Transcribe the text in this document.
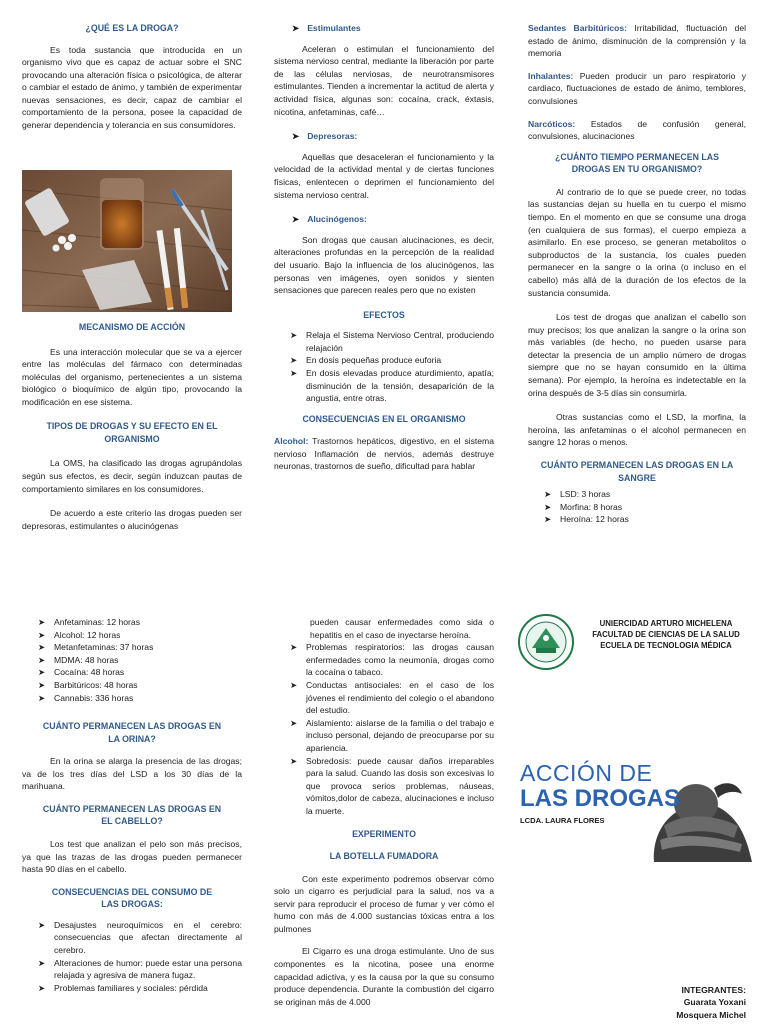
¿QUÉ ES LA DROGA?

Es toda sustancia que introducida en un organismo vivo que es capaz de actuar sobre el SNC provocando una alteración física o psicológica, de alterar o cambiar el estado de ánimo, y también de experimentar nuevas sensaciones, es decir, capaz de cambiar el comportamiento de la persona, posee la capacidad de generar dependencia y tolerancia en sus consumidores.

MECANISMO DE ACCIÓN

Es una interacción molecular que se va a ejercer entre las moléculas del fármaco con determinadas moléculas del organismo, pertenecientes a un sistema biológico o bioquímico de algún tipo, provocando la modificación en ese sistema.

TIPOS DE DROGAS Y SU EFECTO EN EL ORGANISMO

La OMS, ha clasificado las drogas agrupándolas según sus efectos, es decir, según induzcan pautas de comportamiento similares en los consumidores.

De acuerdo a este criterio las drogas pueden ser depresoras, estimulantes o alucinógenas

➤ Estimulantes

Aceleran o estimulan el funcionamiento del sistema nervioso central, mediante la liberación por parte de las células nerviosas, de neurotransmisores estimulantes. Tienden a incrementar la actitud de alerta y actividad física, algunas son: cocaína, crack, éxtasis, nicotina, anfetaminas, café…

➤ Depresoras:

Aquellas que desaceleran el funcionamiento y la velocidad de la actividad mental y de ciertas funciones físicas, enlentecen o deprimen el funcionamiento del sistema nervioso central.

➤ Alucinógenos:

Son drogas que causan alucinaciones, es decir, alteraciones profundas en la percepción de la realidad del usuario. Bajo la influencia de los alucinógenos, las personas ven imágenes, oyen sonidos y sienten sensaciones que parecen reales pero que no existen

EFECTOS

➤ Relaja el Sistema Nervioso Central, produciendo relajación
➤ En dosis pequeñas produce euforia
➤ En dosis elevadas produce aturdimiento, apatía; disminución de la tensión, desaparición de la angustia, entre otras.

CONSECUENCIAS EN EL ORGANISMO

Alcohol: Trastornos hepáticos, digestivo, en el sistema nervioso Inflamación de nervios, además destruye neuronas, trastornos de sueño, dificultad para hablar

Sedantes Barbitúricos: Irritabilidad, fluctuación del estado de ánimo, disminución de la comprensión y la memoria

Inhalantes: Pueden producir un paro respiratorio y cardiaco, fluctuaciones de estado de ánimo, temblores, convulsiones

Narcóticos: Estados de confusión general, convulsiones, alucinaciones

¿CUÁNTO TIEMPO PERMANECEN LAS DROGAS EN TU ORGANISMO?

Al contrario de lo que se puede creer, no todas las sustancias dejan su huella en tu cuerpo el mismo tiempo. En el momento en que se consume una droga (en cualquiera de sus formas), el cuerpo empieza a asimilarlo. En ese proceso, se generan metabolitos o subproductos de la sustancia, los cuales pueden permanecer en la sangre o la orina (o incluso en el cabello) más allá de la duración de los efectos de la sustancia consumida.

Los test de drogas que analizan el cabello son muy precisos; los que analizan la sangre o la orina son más variables (de hecho, no pueden usarse para detectar la presencia de un amplio número de drogas siempre que no se hayan consumido en la última semana). Por ejemplo, la heroína es indetectable en la orina después de 3-5 días sin consumirla.

Otras sustancias como el LSD, la morfina, la heroína, las anfetaminas o el alcohol permanecen en sangre 12 horas o menos.

CUÁNTO PERMANECEN LAS DROGAS EN LA SANGRE

➤ LSD: 3 horas
➤ Morfina: 8 horas
➤ Heroína: 12 horas
➤ Anfetaminas: 12 horas
➤ Alcohol: 12 horas
➤ Metanfetaminas: 37 horas
➤ MDMA: 48 horas
➤ Cocaína: 48 horas
➤ Barbitúricos: 48 horas
➤ Cannabis: 336 horas

CUÁNTO PERMANECEN LAS DROGAS EN LA ORINA?

En la orina se alarga la presencia de las drogas; va de los tres días del LSD a los 30 días de la marihuana.

CUÁNTO PERMANECEN LAS DROGAS EN EL CABELLO?

Los test que analizan el pelo son más precisos, ya que las trazas de las drogas pueden permanecer hasta 90 días en el cabello.

CONSECUENCIAS DEL CONSUMO DE LAS DROGAS:

➤ Desajustes neuroquímicos en el cerebro: consecuencias que afectan directamente al cerebro.
➤ Alteraciones de humor: puede estar una persona relajada y agresiva de manera fugaz.
➤ Problemas familiares y sociales: pérdida

pueden causar enfermedades como sida o hepatitis en el caso de inyectarse heroína.

➤ Problemas respiratorios: las drogas causan enfermedades como la neumonía, drogas como la cocaína o tabaco.
➤ Conductas antisociales: en el caso de los jóvenes el rendimiento del colegio o el abandono del estudio.
➤ Aislamiento: aislarse de la familia o del trabajo e incluso personal, dejando de preocuparse por su apariencia.
➤ Sobredosis: puede causar daños irreparables para la salud. Cuando las dosis son excesivas lo que provoca serios problemas, náuseas, vómitos,dolor de cabeza, alucinaciones e incluso la muerte.

EXPERIMENTO

LA BOTELLA FUMADORA

Con este experimento podremos observar cómo solo un cigarro es perjudicial para la salud, nos va a servir para reproducir el proceso de fumar y ver cómo el humo con más de 4.000 sustancias tóxicas entra a los pulmones

El Cigarro es una droga estimulante. Uno de sus componentes es la nicotina, posee una enorme capacidad adictiva, y es la causa por la que su consumo produce dependencia. Durante la combustión del cigarro se originan más de 4.000

UNIERCIDAD ARTURO MICHELENA
FACULTAD DE CIENCIAS DE LA SALUD
ECUELA DE TECNOLOGIA MÉDICA
ACCIÓN DE
LAS DROGAS
LCDA. LAURA FLORES
INTEGRANTES:
Guarata Yoxani
Mosquera Michel
